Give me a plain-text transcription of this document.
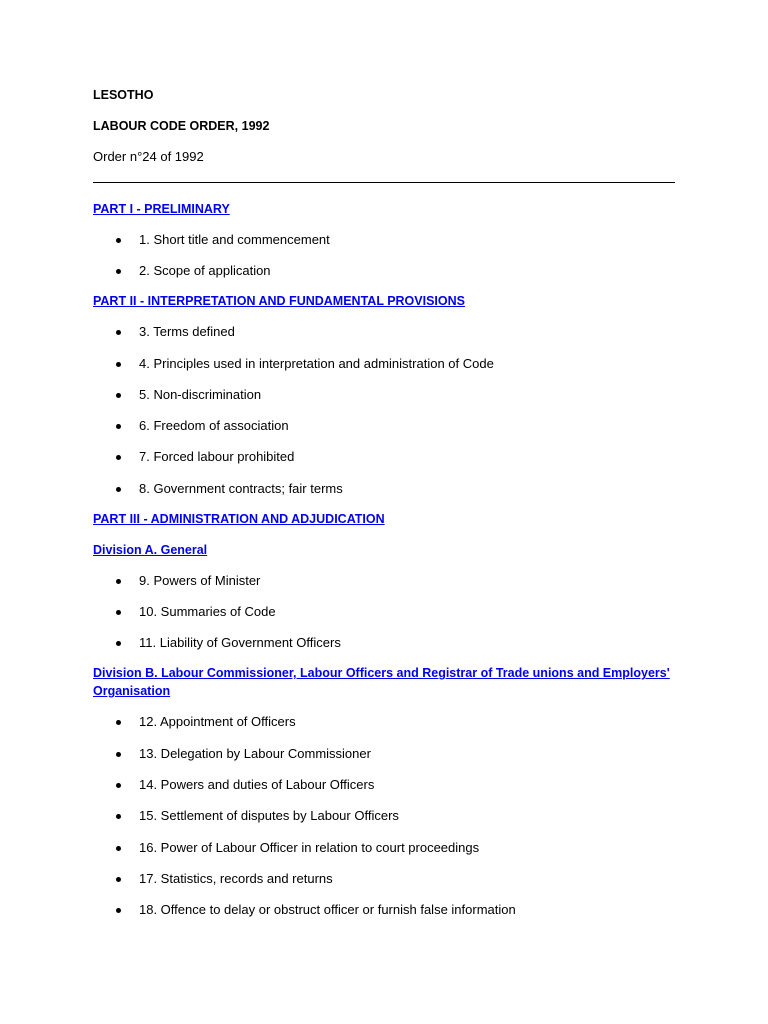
LESOTHO

LABOUR CODE ORDER, 1992

Order n°24 of 1992

PART I - PRELIMINARY
1. Short title and commencement
2. Scope of application
PART II - INTERPRETATION AND FUNDAMENTAL PROVISIONS
3. Terms defined
4. Principles used in interpretation and administration of Code
5. Non-discrimination
6. Freedom of association
7. Forced labour prohibited
8. Government contracts; fair terms
PART III - ADMINISTRATION AND ADJUDICATION
Division A. General
9. Powers of Minister
10. Summaries of Code
11. Liability of Government Officers
Division B. Labour Commissioner, Labour Officers and Registrar of Trade unions and Employers' Organisation
12. Appointment of Officers
13. Delegation by Labour Commissioner
14. Powers and duties of Labour Officers
15. Settlement of disputes by Labour Officers
16. Power of Labour Officer in relation to court proceedings
17. Statistics, records and returns
18. Offence to delay or obstruct officer or furnish false information
